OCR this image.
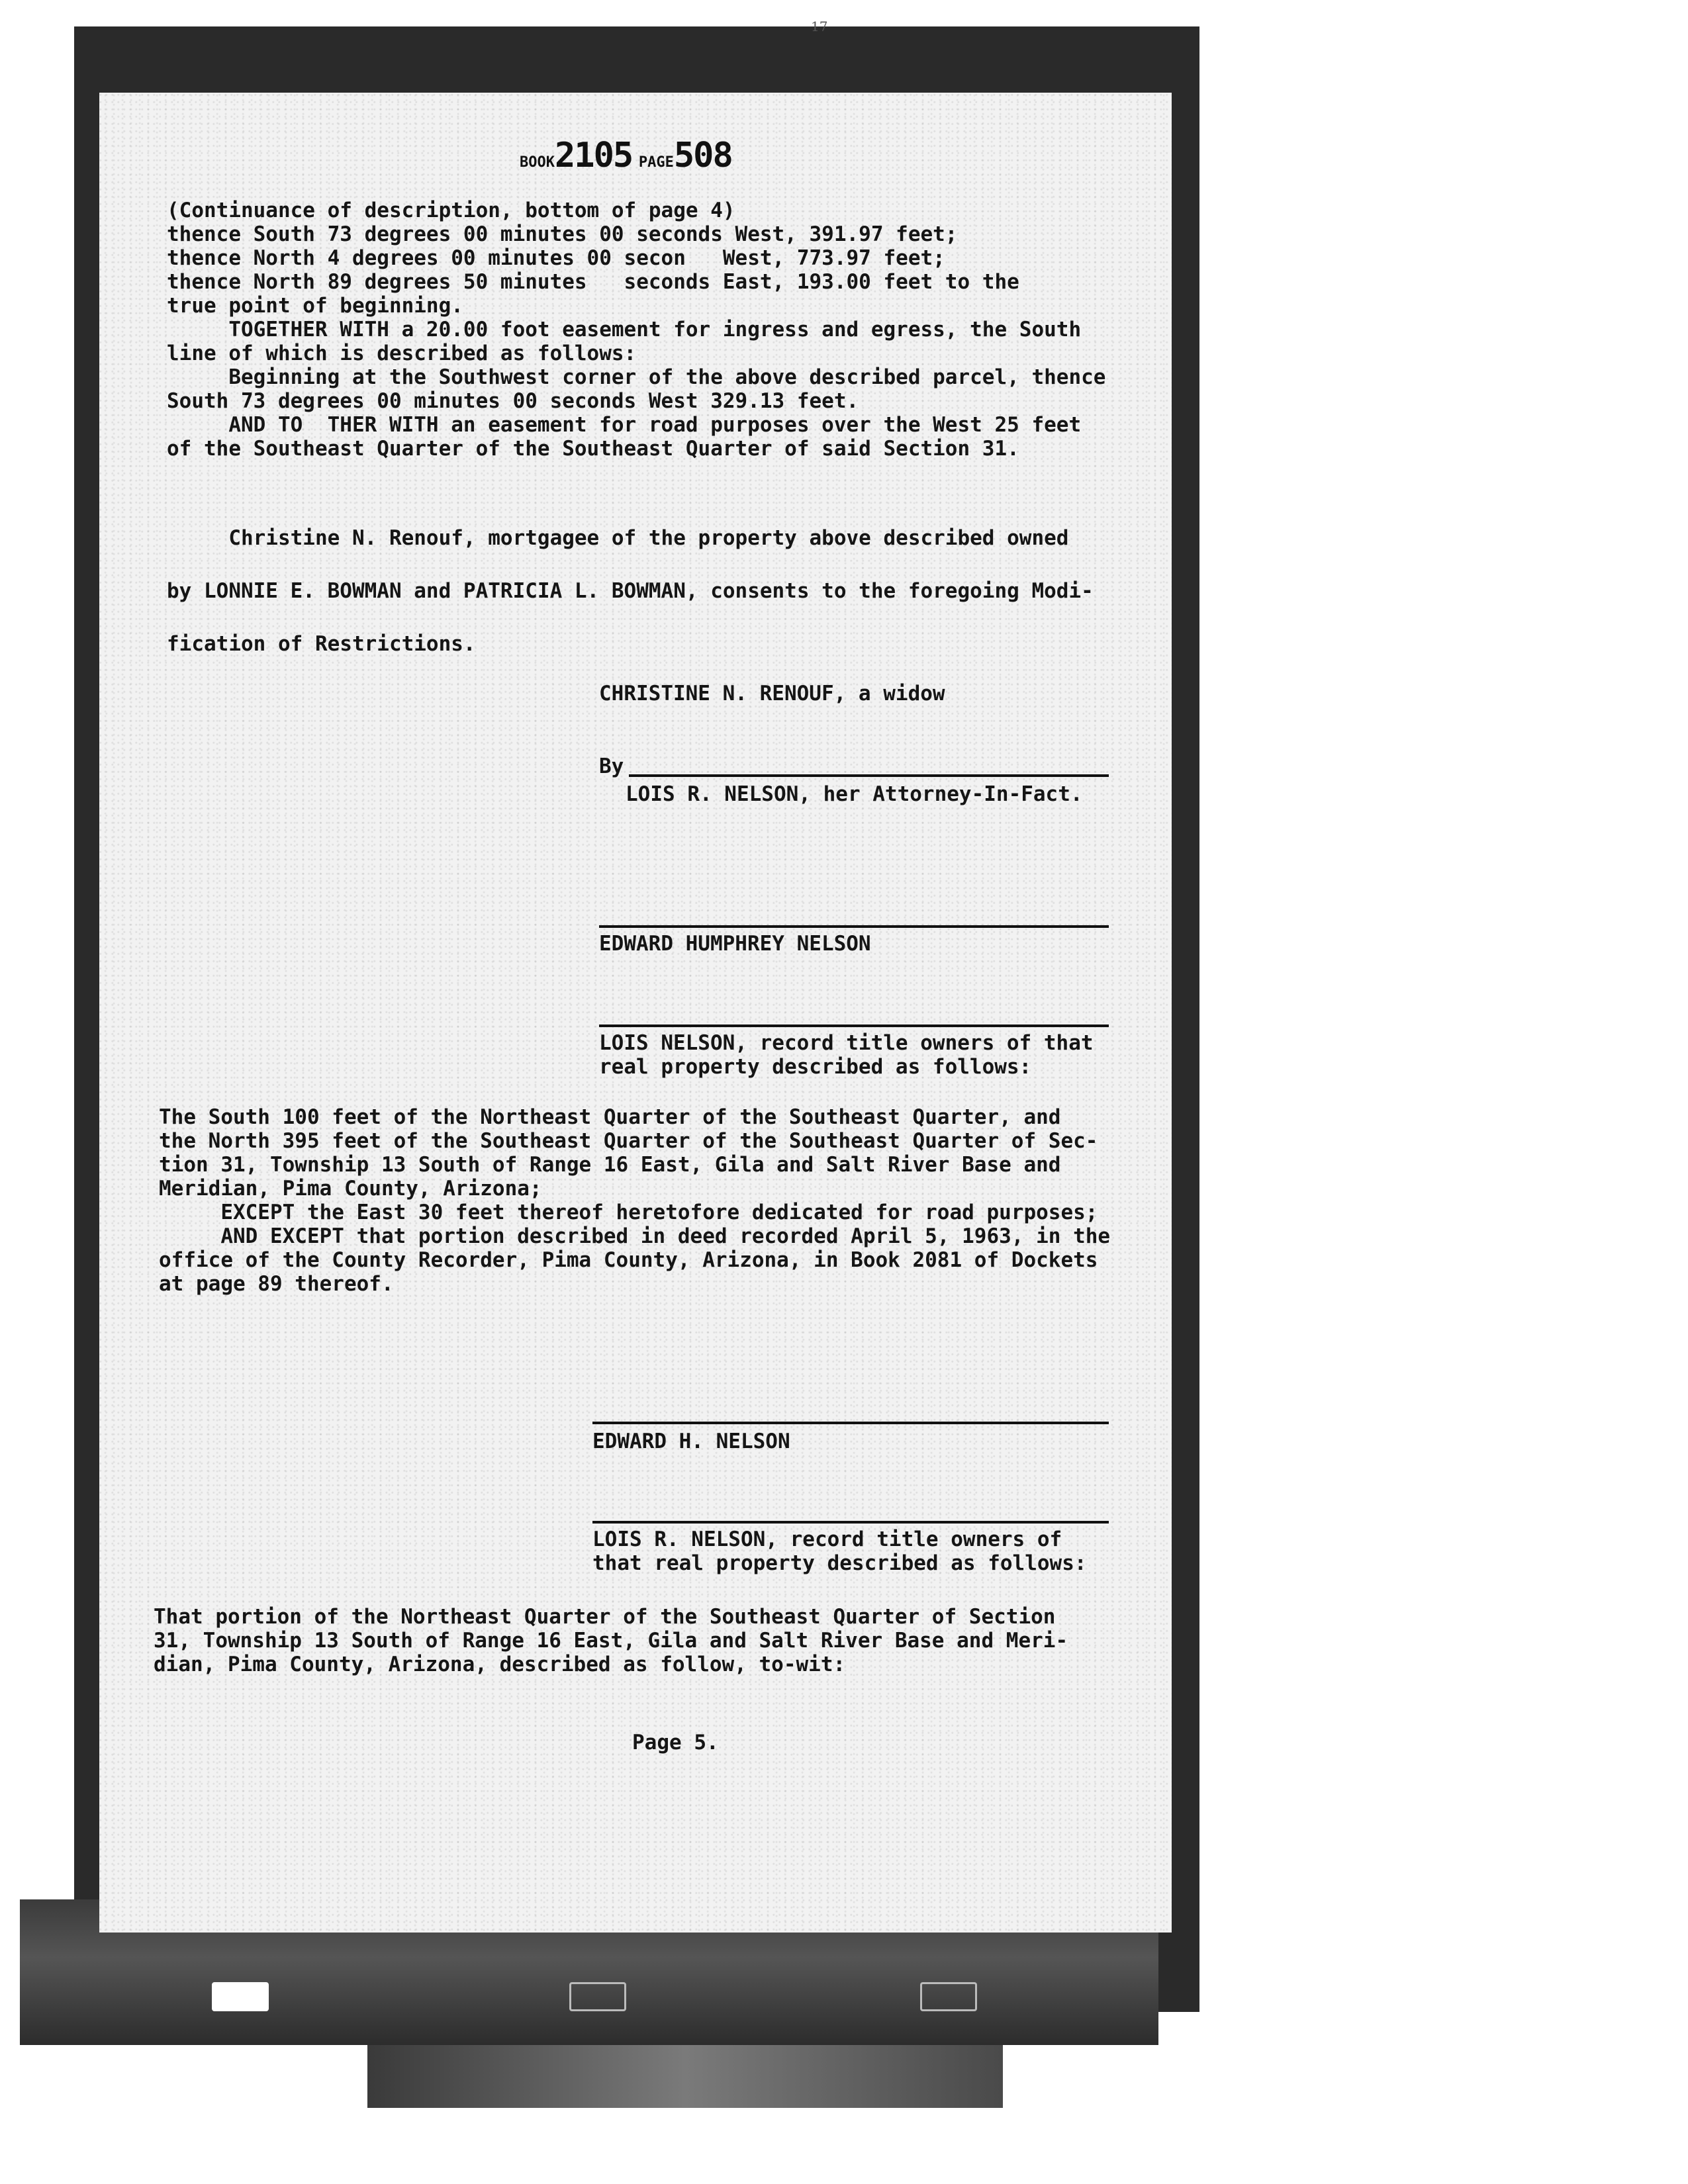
17
BOOK2105 PAGE508
(Continuance of description, bottom of page 4)
thence South 73 degrees 00 minutes 00 seconds West, 391.97 feet;
thence North 4 degrees 00 minutes 00 secon   West, 773.97 feet;
thence North 89 degrees 50 minutes   seconds East, 193.00 feet to the
true point of beginning.
TOGETHER WITH a 20.00 foot easement for ingress and egress, the South
line of which is described as follows:
Beginning at the Southwest corner of the above described parcel, thence
South 73 degrees 00 minutes 00 seconds West 329.13 feet.
AND TO  THER WITH an easement for road purposes over the West 25 feet
of the Southeast Quarter of the Southeast Quarter of said Section 31.
Christine N. Renouf, mortgagee of the property above described owned
by LONNIE E. BOWMAN and PATRICIA L. BOWMAN, consents to the foregoing Modi-
fication of Restrictions.
CHRISTINE N. RENOUF, a widow
By
LOIS R. NELSON, her Attorney-In-Fact.
EDWARD HUMPHREY NELSON
LOIS NELSON, record title owners of that
real property described as follows:
The South 100 feet of the Northeast Quarter of the Southeast Quarter, and
the North 395 feet of the Southeast Quarter of the Southeast Quarter of Sec-
tion 31, Township 13 South of Range 16 East, Gila and Salt River Base and
Meridian, Pima County, Arizona;
EXCEPT the East 30 feet thereof heretofore dedicated for road purposes;
AND EXCEPT that portion described in deed recorded April 5, 1963, in the
office of the County Recorder, Pima County, Arizona, in Book 2081 of Dockets
at page 89 thereof.
EDWARD H. NELSON
LOIS R. NELSON, record title owners of
that real property described as follows:
That portion of the Northeast Quarter of the Southeast Quarter of Section
31, Township 13 South of Range 16 East, Gila and Salt River Base and Meri-
dian, Pima County, Arizona, described as follow, to-wit:
Page 5.
